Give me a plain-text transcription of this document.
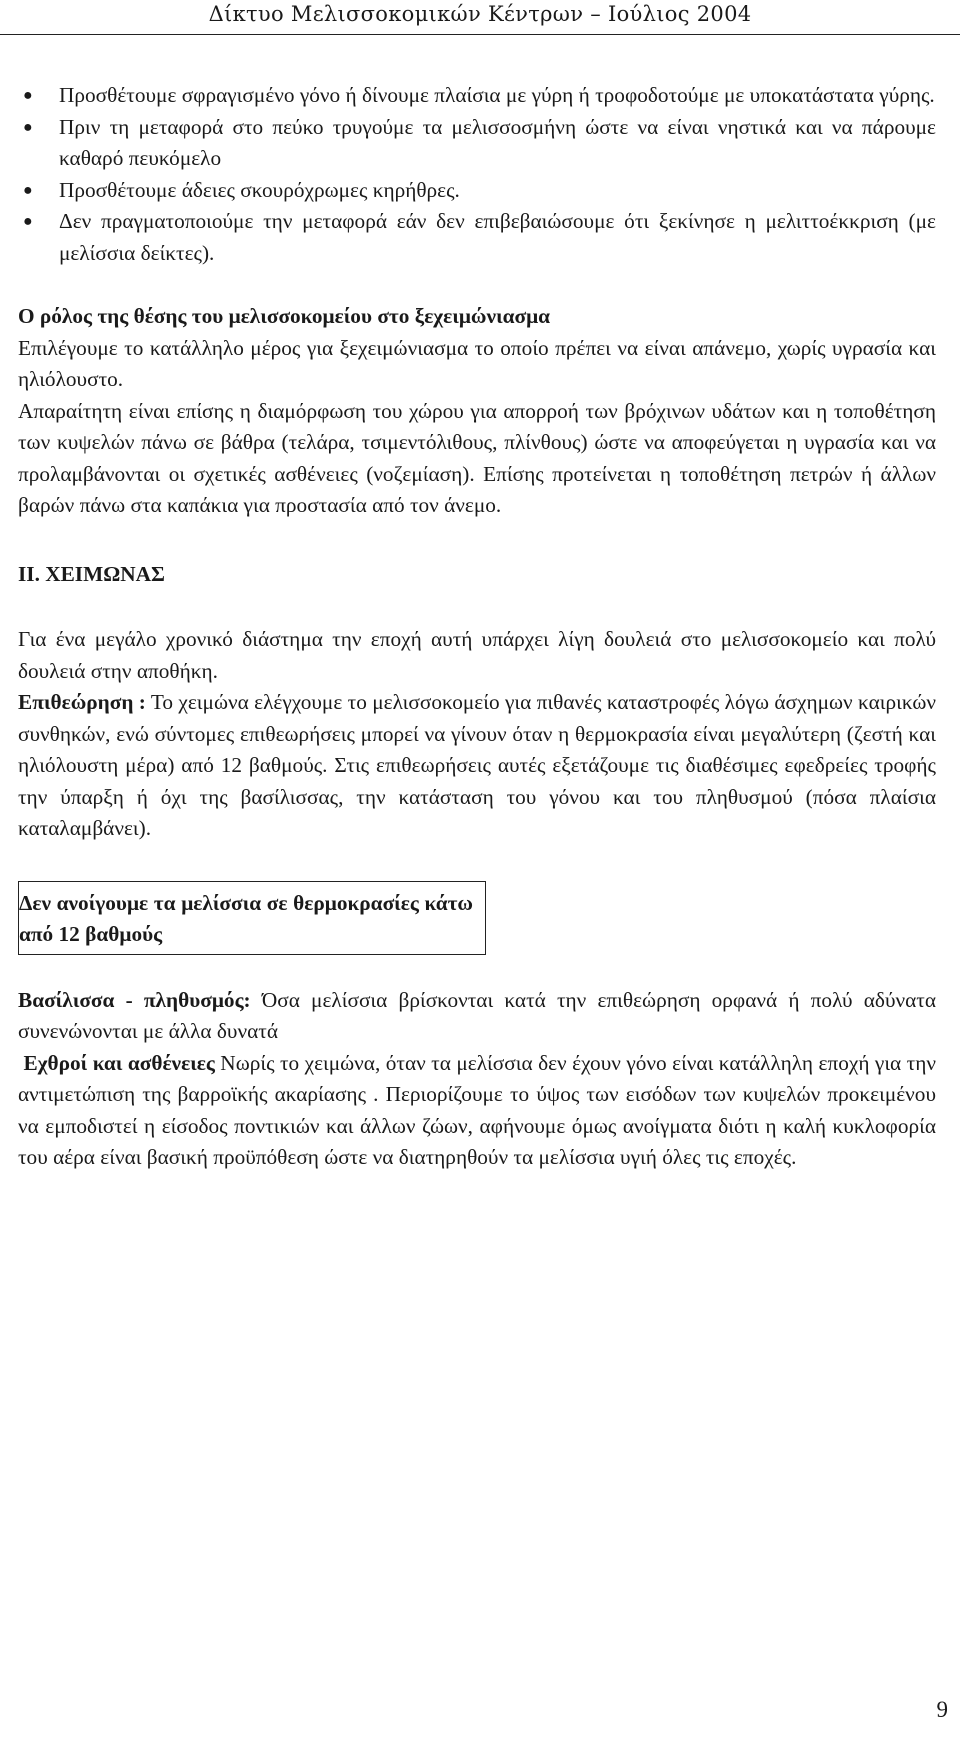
Δίκτυο Μελισσοκομικών Κέντρων – Ιούλιος 2004
● Προσθέτουμε σφραγισμένο γόνο ή δίνουμε πλαίσια με γύρη ή τροφοδοτούμε με υποκατάστατα γύρης.
● Πριν τη μεταφορά στο πεύκο τρυγούμε τα μελισσοσμήνη ώστε να είναι νηστικά και να πάρουμε καθαρό πευκόμελο
● Προσθέτουμε άδειες σκουρόχρωμες κηρήθρες.
● Δεν πραγματοποιούμε την μεταφορά εάν δεν επιβεβαιώσουμε ότι ξεκίνησε η μελιττοέκκριση (με μελίσσια δείκτες).

Ο ρόλος της θέσης του μελισσοκομείου στο ξεχειμώνιασμα

Επιλέγουμε το κατάλληλο μέρος για ξεχειμώνιασμα το οποίο πρέπει να είναι απάνεμο, χωρίς υγρασία και ηλιόλουστο.

Απαραίτητη είναι επίσης η διαμόρφωση του χώρου για απορροή των βρόχινων υδάτων και η τοποθέτηση των κυψελών πάνω σε βάθρα (τελάρα, τσιμεντόλιθους, πλίνθους) ώστε να αποφεύγεται η υγρασία και να προλαμβάνονται οι σχετικές ασθένειες (νοζεμίαση). Επίσης προτείνεται η τοποθέτηση πετρών ή άλλων βαρών πάνω στα καπάκια για προστασία από τον άνεμο.

ΙΙ. ΧΕΙΜΩΝΑΣ

Για ένα μεγάλο χρονικό διάστημα την εποχή αυτή υπάρχει λίγη δουλειά στο μελισσοκομείο και πολύ δουλειά στην αποθήκη.

Επιθεώρηση : Το χειμώνα ελέγχουμε το μελισσοκομείο για πιθανές καταστροφές λόγω άσχημων καιρικών συνθηκών, ενώ σύντομες επιθεωρήσεις μπορεί να γίνουν όταν η θερμοκρασία είναι μεγαλύτερη (ζεστή και ηλιόλουστη μέρα) από 12 βαθμούς. Στις επιθεωρήσεις αυτές εξετάζουμε τις διαθέσιμες εφεδρείες τροφής την ύπαρξη ή όχι της βασίλισσας, την κατάσταση του γόνου και του πληθυσμού (πόσα πλαίσια καταλαμβάνει).

Δεν ανοίγουμε τα μελίσσια σε θερμοκρασίες κάτω από 12 βαθμούς

Βασίλισσα - πληθυσμός: Όσα μελίσσια βρίσκονται κατά την επιθεώρηση ορφανά ή πολύ αδύνατα συνενώνονται με άλλα δυνατά

Εχθροί και ασθένειες Νωρίς το χειμώνα, όταν τα μελίσσια δεν έχουν γόνο είναι κατάλληλη εποχή για την αντιμετώπιση της βαρροϊκής ακαρίασης . Περιορίζουμε το ύψος των εισόδων των κυψελών προκειμένου να εμποδιστεί η είσοδος ποντικιών και άλλων ζώων, αφήνουμε όμως ανοίγματα διότι η καλή κυκλοφορία του αέρα είναι βασική προϋπόθεση ώστε να διατηρηθούν τα μελίσσια υγιή όλες τις εποχές.

9
